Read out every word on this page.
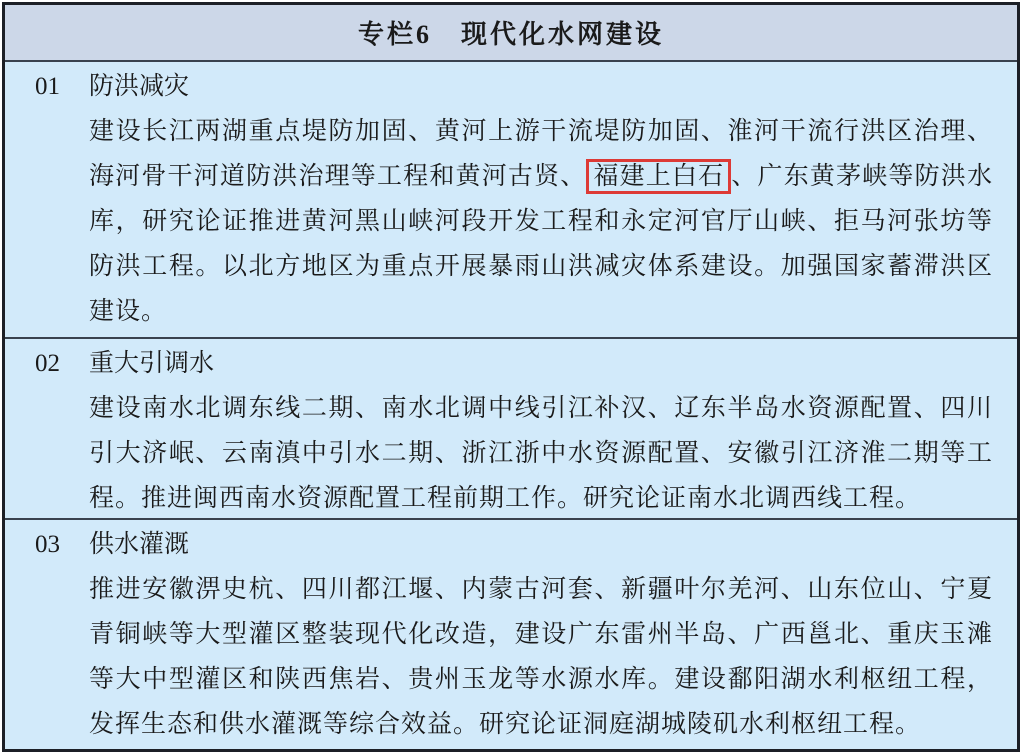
专栏6　现代化水网建设
01 防洪减灾

建设长江两湖重点堤防加固、黄河上游干流堤防加固、淮河干流行洪区治理、海河骨干河道防洪治理等工程和黄河古贤、 福建上白石 、广东黄茅峡等防洪水库，研究论证推进黄河黑山峡河段开发工程和永定河官厅山峡、拒马河张坊等防洪工程。以北方地区为重点开展暴雨山洪减灾体系建设。加强国家蓄滞洪区建设。

02 重大引调水

建设南水北调东线二期、南水北调中线引江补汉、辽东半岛水资源配置、四川引大济岷、云南滇中引水二期、浙江浙中水资源配置、安徽引江济淮二期等工程。推进闽西南水资源配置工程前期工作。研究论证南水北调西线工程。

03 供水灌溉

推进安徽淠史杭、四川都江堰、内蒙古河套、新疆叶尔羌河、山东位山、宁夏青铜峡等大型灌区整装现代化改造，建设广东雷州半岛、广西邕北、重庆玉滩等大中型灌区和陕西焦岩、贵州玉龙等水源水库。建设鄱阳湖水利枢纽工程，发挥生态和供水灌溉等综合效益。研究论证洞庭湖城陵矶水利枢纽工程。
